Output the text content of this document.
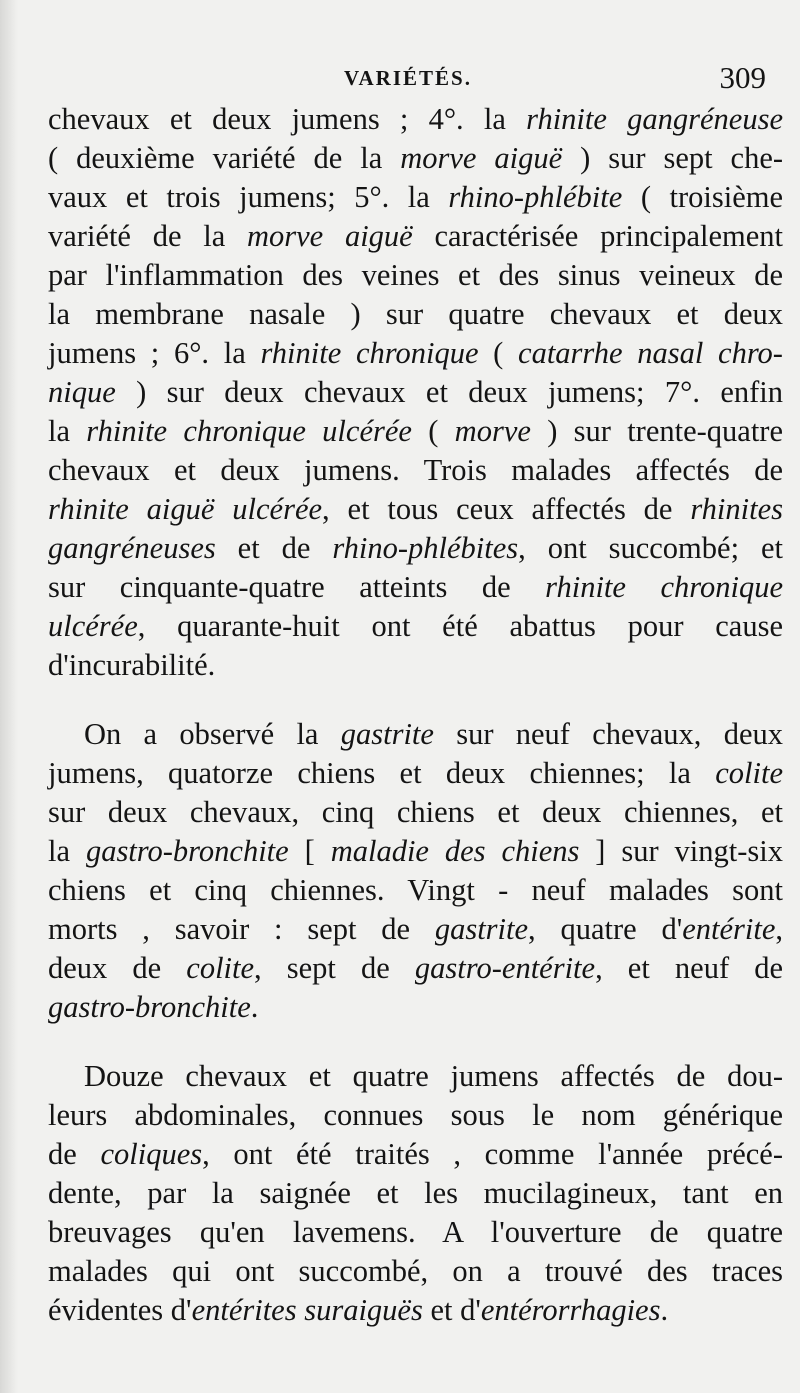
VARIÉTÉS.	309
chevaux et deux jumens ; 4°. la rhinite gangréneuse
( deuxième variété de la morve aiguë ) sur sept che-
vaux et trois jumens; 5°. la rhino-phlébite ( troisième
variété de la morve aiguë caractérisée principalement
par l'inflammation des veines et des sinus veineux de
la membrane nasale ) sur quatre chevaux et deux
jumens ; 6°. la rhinite chronique ( catarrhe nasal chro-
nique ) sur deux chevaux et deux jumens; 7°. enfin
la rhinite chronique ulcérée ( morve ) sur trente-quatre
chevaux et deux jumens. Trois malades affectés de
rhinite aiguë ulcérée, et tous ceux affectés de rhinites
gangréneuses et de rhino-phlébites, ont succombé; et
sur cinquante-quatre atteints de rhinite chronique
ulcérée, quarante-huit ont été abattus pour cause
d'incurabilité.
On a observé la gastrite sur neuf chevaux, deux
jumens, quatorze chiens et deux chiennes; la colite
sur deux chevaux, cinq chiens et deux chiennes, et
la gastro-bronchite [ maladie des chiens ] sur vingt-six
chiens et cinq chiennes. Vingt - neuf malades sont
morts , savoir : sept de gastrite, quatre d'entérite,
deux de colite, sept de gastro-entérite, et neuf de
gastro-bronchite.
Douze chevaux et quatre jumens affectés de dou-
leurs abdominales, connues sous le nom générique
de coliques, ont été traités , comme l'année précé-
dente, par la saignée et les mucilagineux, tant en
breuvages qu'en lavemens. A l'ouverture de quatre
malades qui ont succombé, on a trouvé des traces
évidentes d'entérites suraiguës et d'entérorrhagies.
